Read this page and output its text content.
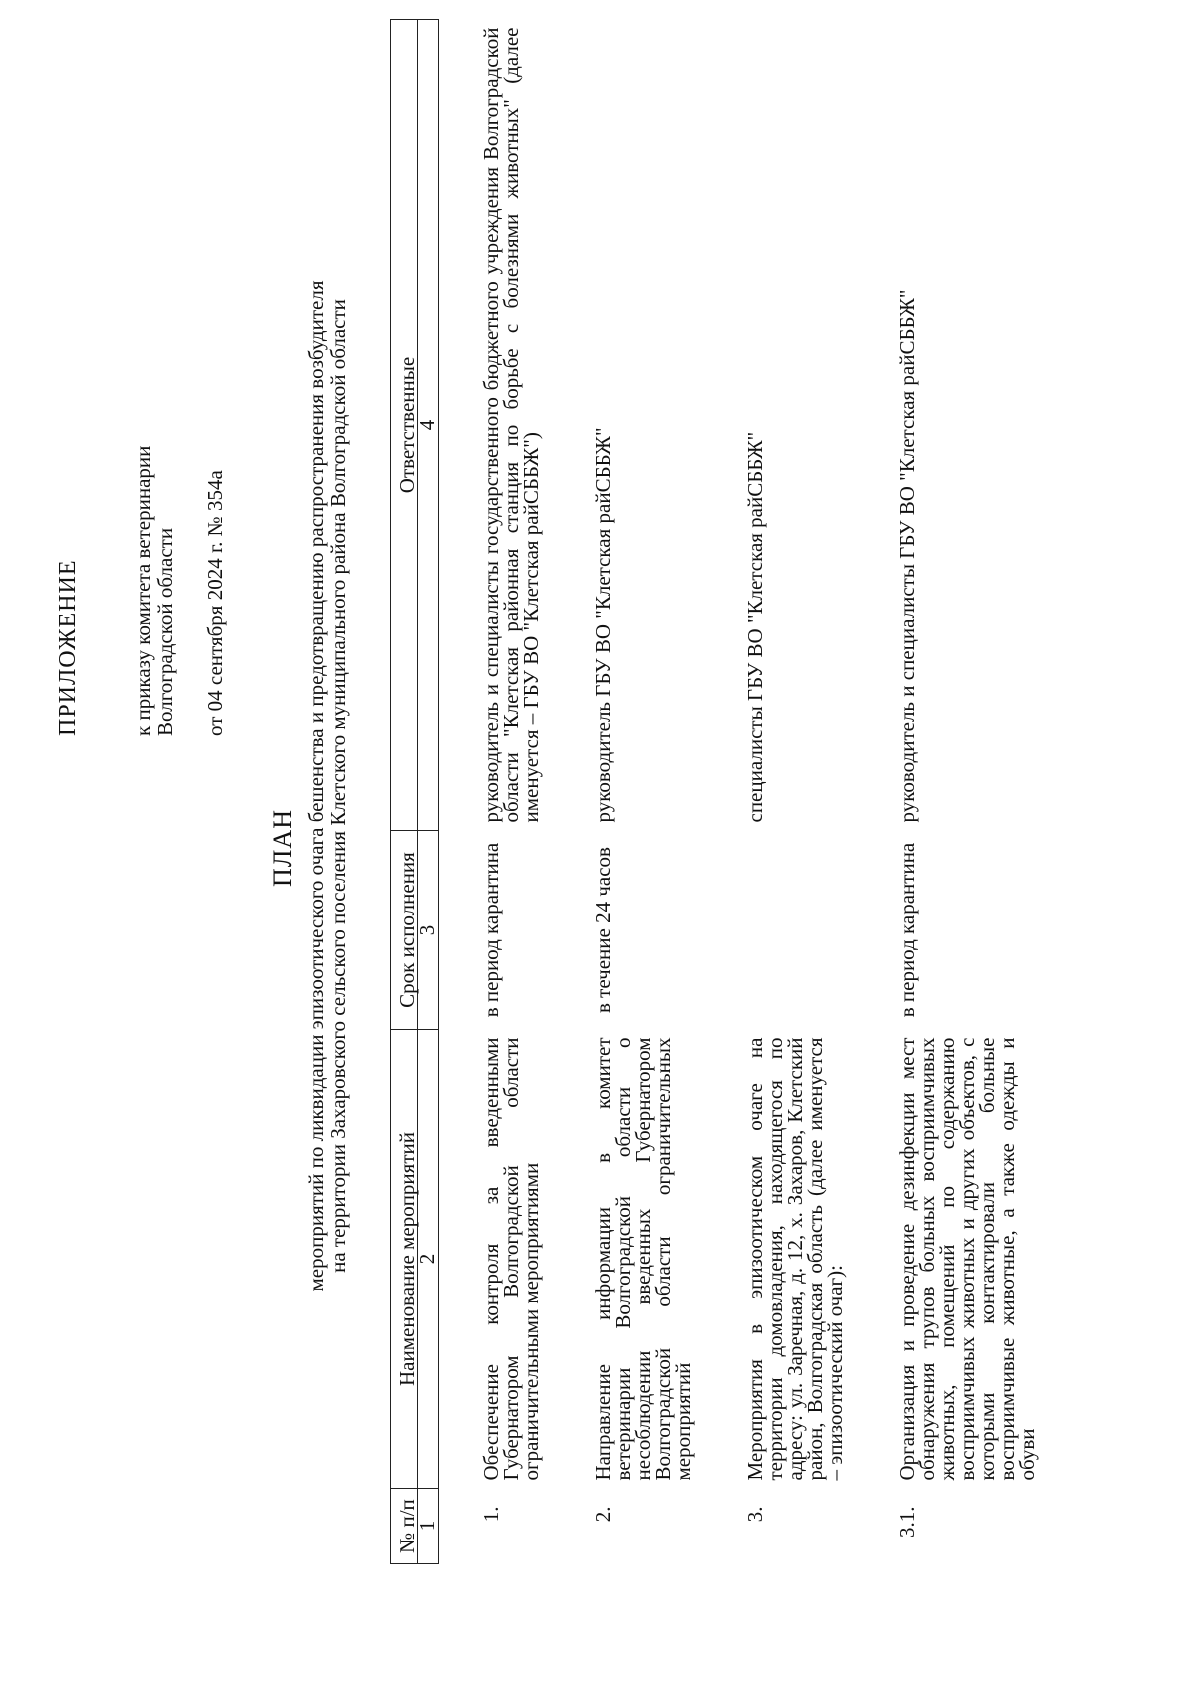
ПРИЛОЖЕНИЕ к приказу комитета ветеринарии
Волгоградской области от 04 сентября 2024 г. № 354а
ПЛАН мероприятий по ликвидации эпизоотического очага бешенства и предотвращению распространения возбудителя
на территории Захаровского сельского поселения Клетского муниципального района Волгоградской области
№ п/п	Наименование мероприятий	Срок исполнения	Ответственные
1	2	3	4
1.	Обеспечение контроля за введенными Губернатором Волгоградской области ограничительными мероприятиями	в период карантина	руководитель и специалисты государственного бюджетного учреждения Волгоградской области "Клетская районная станция по борьбе с болезнями животных" (далее именуется – ГБУ ВО "Клетская райСББЖ")
2.	Направление информации в комитет ветеринарии Волгоградской области о несоблюдении введенных Губернатором Волгоградской области ограничительных мероприятий	в течение 24 часов	руководитель ГБУ ВО "Клетская райСББЖ"
3.	Мероприятия в эпизоотическом очаге на территории домовладения, находящегося по адресу: ул. Заречная, д. 12, х. Захаров, Клетский район, Волгоградская область (далее именуется – эпизоотический очаг):		специалисты ГБУ ВО "Клетская райСББЖ"
3.1.	Организация и проведение дезинфекции мест обнаружения трупов больных восприимчивых животных, помещений по содержанию восприимчивых животных и других объектов, с которыми контактировали больные восприимчивые животные, а также одежды и обуви	в период карантина	руководитель и специалисты ГБУ ВО "Клетская райСББЖ"
